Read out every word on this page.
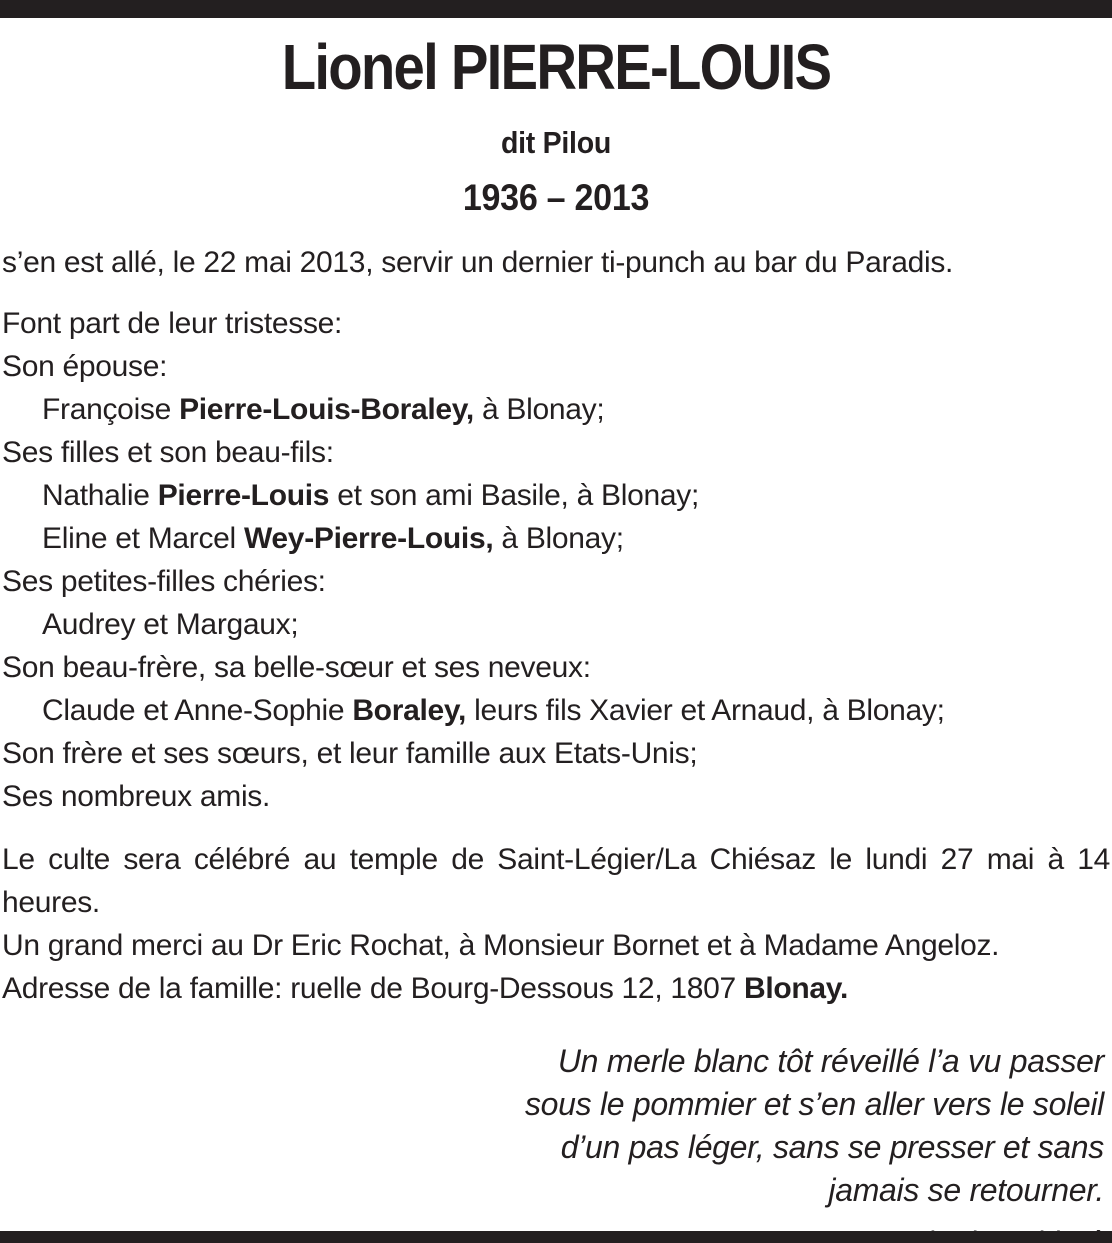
Lionel PIERRE-LOUIS
dit Pilou
1936 – 2013

s’en est allé, le 22 mai 2013, servir un dernier ti-punch au bar du Paradis.

Font part de leur tristesse:
Son épouse:
Françoise Pierre-Louis-Boraley, à Blonay;
Ses filles et son beau-fils:
Nathalie Pierre-Louis et son ami Basile, à Blonay;
Eline et Marcel Wey-Pierre-Louis, à Blonay;
Ses petites-filles chéries:
Audrey et Margaux;
Son beau-frère, sa belle-sœur et ses neveux:
Claude et Anne-Sophie Boraley, leurs fils Xavier et Arnaud, à Blonay;
Son frère et ses sœurs, et leur famille aux Etats-Unis;
Ses nombreux amis.

Le culte sera célébré au temple de Saint-Légier/La Chiésaz le lundi 27 mai à 14 heures.

Un grand merci au Dr Eric Rochat, à Monsieur Bornet et à Madame Angeloz.

Adresse de la famille: ruelle de Bourg-Dessous 12, 1807 Blonay.

Un merle blanc tôt réveillé l’a vu passer
sous le pommier et s’en aller vers le soleil
d’un pas léger, sans se presser et sans
jamais se retourner.
